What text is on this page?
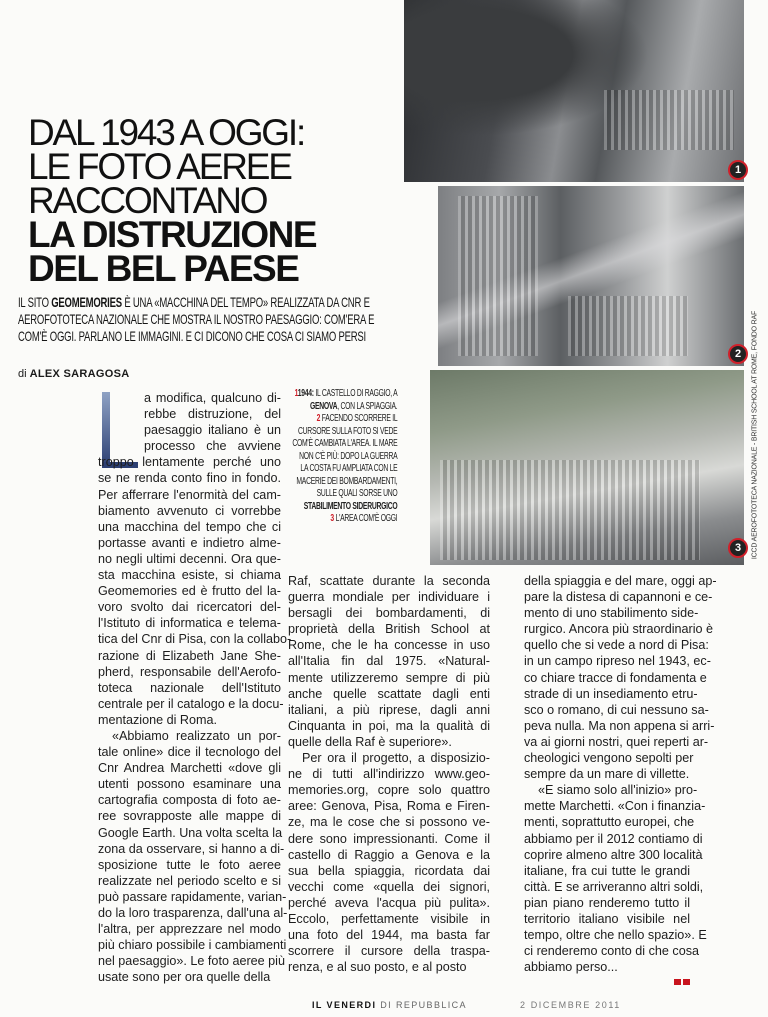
DAL 1943 A OGGI:
LE FOTO AEREE
RACCONTANO
LA DISTRUZIONE
DEL BEL PAESE
IL SITO GEOMEMORIES È UNA «MACCHINA DEL TEMPO» REALIZZATA DA CNR E AEROFOTOTECA NAZIONALE CHE MOSTRA IL NOSTRO PAESAGGIO: COM'ERA E COM'È OGGI. PARLANO LE IMMAGINI. E CI DICONO CHE COSA CI SIAMO PERSI
di ALEX SARAGOSA
a modifica, qualcuno di-
rebbe distruzione, del
paesaggio italiano è un
processo che avviene
troppo lentamente perché uno
se ne renda conto fino in fondo.
Per afferrare l'enormità del cam-
biamento avvenuto ci vorrebbe
una macchina del tempo che ci
portasse avanti e indietro alme-
no negli ultimi decenni. Ora que-
sta macchina esiste, si chiama
Geomemories ed è frutto del la-
voro svolto dai ricercatori del-
l'Istituto di informatica e telema-
tica del Cnr di Pisa, con la collabo-
razione di Elizabeth Jane She-
pherd, responsabile dell'Aerofo-
toteca nazionale dell'Istituto
centrale per il catalogo e la docu-
mentazione di Roma.
«Abbiamo realizzato un por-
tale online» dice il tecnologo del
Cnr Andrea Marchetti «dove gli
utenti possono esaminare una
cartografia composta di foto ae-
ree sovrapposte alle mappe di
Google Earth. Una volta scelta la
zona da osservare, si hanno a di-
sposizione tutte le foto aeree
realizzate nel periodo scelto e si
può passare rapidamente, varian-
do la loro trasparenza, dall'una al-
l'altra, per apprezzare nel modo
più chiaro possibile i cambiamenti
nel paesaggio». Le foto aeree più
usate sono per ora quelle della
Raf, scattate durante la seconda
guerra mondiale per individuare i
bersagli dei bombardamenti, di
proprietà della British School at
Rome, che le ha concesse in uso
all'Italia fin dal 1975. «Natural-
mente utilizzeremo sempre di più
anche quelle scattate dagli enti
italiani, a più riprese, dagli anni
Cinquanta in poi, ma la qualità di
quelle della Raf è superiore».
Per ora il progetto, a disposizio-
ne di tutti all'indirizzo www.geo-
memories.org, copre solo quattro
aree: Genova, Pisa, Roma e Firen-
ze, ma le cose che si possono ve-
dere sono impressionanti. Come il
castello di Raggio a Genova e la
sua bella spiaggia, ricordata dai
vecchi come «quella dei signori,
perché aveva l'acqua più pulita».
Eccolo, perfettamente visibile in
una foto del 1944, ma basta far
scorrere il cursore della traspa-
renza, e al suo posto, e al posto
della spiaggia e del mare, oggi ap-
pare la distesa di capannoni e ce-
mento di uno stabilimento side-
rurgico. Ancora più straordinario è
quello che si vede a nord di Pisa:
in un campo ripreso nel 1943, ec-
co chiare tracce di fondamenta e
strade di un insediamento etru-
sco o romano, di cui nessuno sa-
peva nulla. Ma non appena si arri-
va ai giorni nostri, quei reperti ar-
cheologici vengono sepolti per
sempre da un mare di villette.
«E siamo solo all'inizio» pro-
mette Marchetti. «Con i finanzia-
menti, soprattutto europei, che
abbiamo per il 2012 contiamo di
coprire almeno altre 300 località
italiane, fra cui tutte le grandi
città. E se arriveranno altri soldi,
pian piano renderemo tutto il
territorio italiano visibile nel
tempo, oltre che nello spazio». E
ci renderemo conto di che cosa
abbiamo perso...
11944: IL CASTELLO DI RAGGIO, A GENOVA, CON LA SPIAGGIA.
2 FACENDO SCORRERE IL CURSORE SULLA FOTO SI VEDE COM'È CAMBIATA L'AREA. IL MARE NON C'È PIÙ: DOPO LA GUERRA LA COSTA FU AMPLIATA CON LE MACERIE DEI BOMBARDAMENTI, SULLE QUALI SORSE UNO STABILIMENTO SIDERURGICO
3 L'AREA COM'È OGGI
1
2
3	ICCD AEROFOTOTECA NAZIONALE - BRITISH SCHOOL AT ROME, FONDO RAF
IL VENERDI DI REPUBBLICA	2 DICEMBRE 2011
